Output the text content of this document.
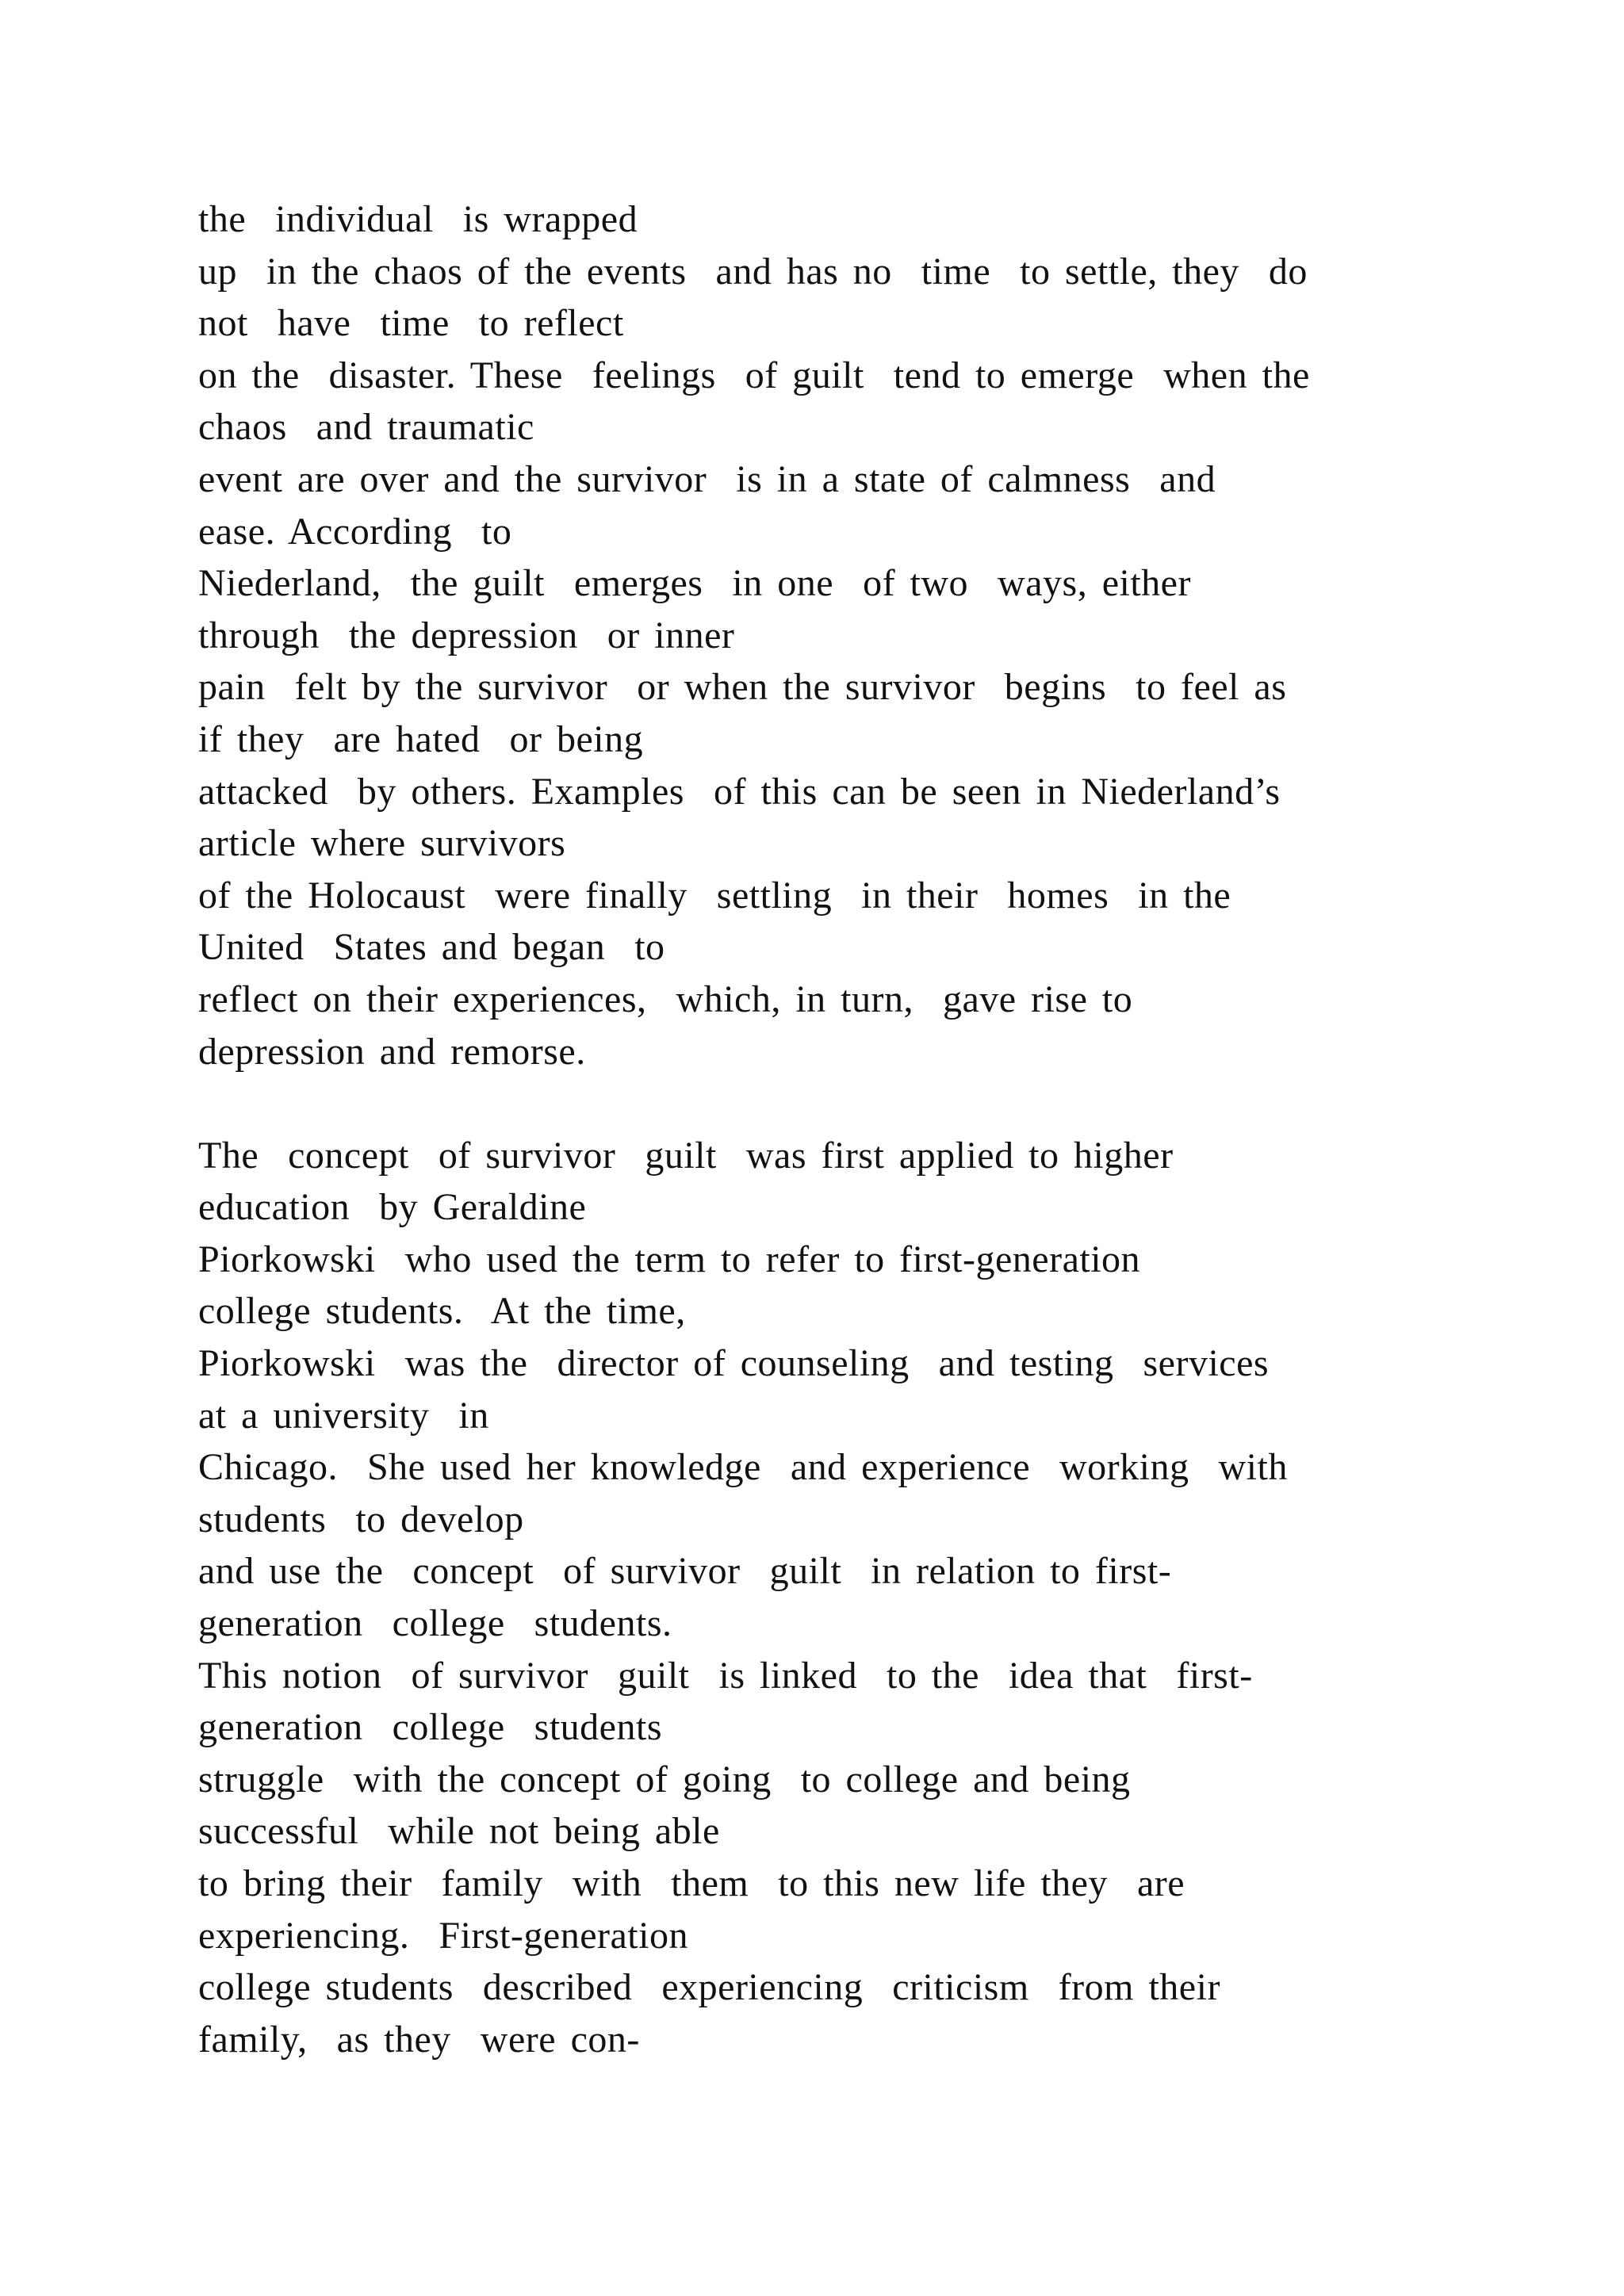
the  individual  is wrapped
up  in the chaos of the events  and has no  time  to settle, they  do
not  have  time  to reflect
on the  disaster. These  feelings  of guilt  tend to emerge  when the
chaos  and traumatic
event are over and the survivor  is in a state of calmness  and
ease. According  to
Niederland,  the guilt  emerges  in one  of two  ways, either
through  the depression  or inner
pain  felt by the survivor  or when the survivor  begins  to feel as
if they  are hated  or being
attacked  by others. Examples  of this can be seen in Niederland’s
article where survivors
of the Holocaust  were finally  settling  in their  homes  in the
United  States and began  to
reflect on their experiences,  which, in turn,  gave rise to
depression and remorse.
The  concept  of survivor  guilt  was first applied to higher
education  by Geraldine
Piorkowski  who used the term to refer to first-generation
college students.  At the time,
Piorkowski  was the  director of counseling  and testing  services
at a university  in
Chicago.  She used her knowledge  and experience  working  with
students  to develop
and use the  concept  of survivor  guilt  in relation to first-
generation  college  students.
This notion  of survivor  guilt  is linked  to the  idea that  first-
generation  college  students
struggle  with the concept of going  to college and being
successful  while not being able
to bring their  family  with  them  to this new life they  are
experiencing.  First-generation
college students  described  experiencing  criticism  from their
family,  as they  were con-
